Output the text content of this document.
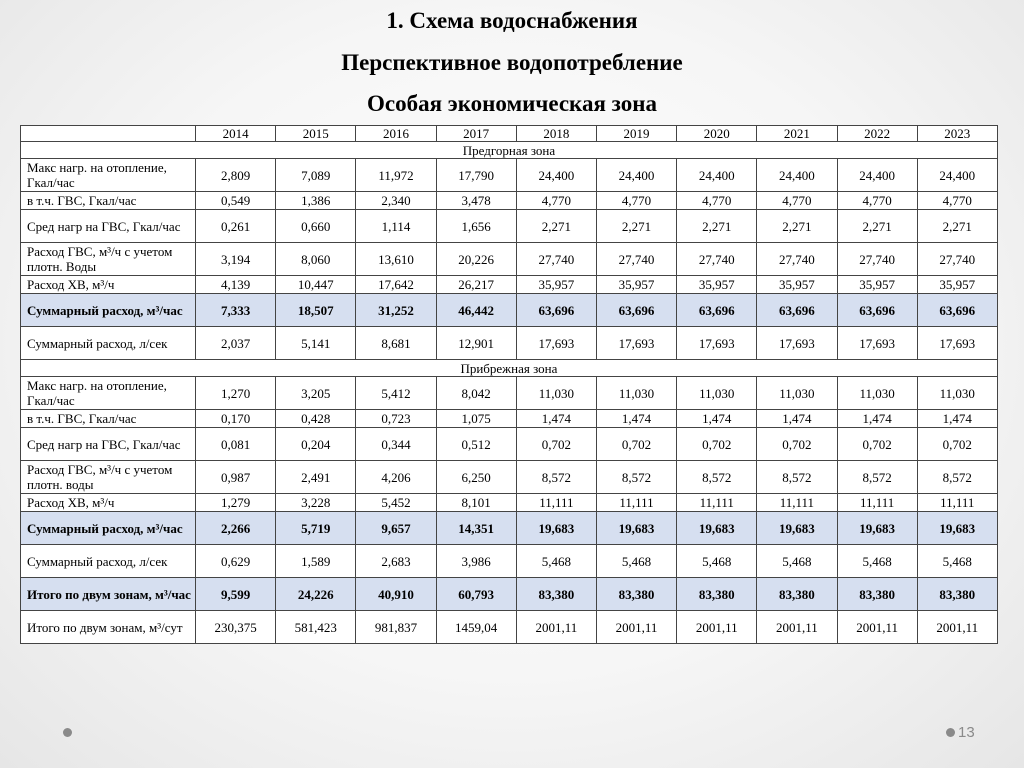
1. Схема водоснабжения
Перспективное водопотребление
Особая экономическая зона
	2014	2015	2016	2017	2018	2019	2020	2021	2022	2023
Предгорная зона										
Макс нагр. на отопление, Гкал/час	2,809	7,089	11,972	17,790	24,400	24,400	24,400	24,400	24,400	24,400
в т.ч. ГВС, Гкал/час	0,549	1,386	2,340	3,478	4,770	4,770	4,770	4,770	4,770	4,770
Сред нагр на ГВС, Гкал/час	0,261	0,660	1,114	1,656	2,271	2,271	2,271	2,271	2,271	2,271
Расход ГВС, м³/ч с учетом плотн. Воды	3,194	8,060	13,610	20,226	27,740	27,740	27,740	27,740	27,740	27,740
Расход ХВ, м³/ч	4,139	10,447	17,642	26,217	35,957	35,957	35,957	35,957	35,957	35,957
Суммарный расход, м³/час	7,333	18,507	31,252	46,442	63,696	63,696	63,696	63,696	63,696	63,696
Суммарный расход, л/сек	2,037	5,141	8,681	12,901	17,693	17,693	17,693	17,693	17,693	17,693
Прибрежная зона										
Макс нагр. на отопление, Гкал/час	1,270	3,205	5,412	8,042	11,030	11,030	11,030	11,030	11,030	11,030
в т.ч. ГВС, Гкал/час	0,170	0,428	0,723	1,075	1,474	1,474	1,474	1,474	1,474	1,474
Сред нагр на ГВС, Гкал/час	0,081	0,204	0,344	0,512	0,702	0,702	0,702	0,702	0,702	0,702
Расход ГВС, м³/ч с учетом плотн. воды	0,987	2,491	4,206	6,250	8,572	8,572	8,572	8,572	8,572	8,572
Расход ХВ, м³/ч	1,279	3,228	5,452	8,101	11,111	11,111	11,111	11,111	11,111	11,111
Суммарный расход, м³/час	2,266	5,719	9,657	14,351	19,683	19,683	19,683	19,683	19,683	19,683
Суммарный расход, л/сек	0,629	1,589	2,683	3,986	5,468	5,468	5,468	5,468	5,468	5,468
Итого по двум зонам, м³/час	9,599	24,226	40,910	60,793	83,380	83,380	83,380	83,380	83,380	83,380
Итого по двум зонам, м³/сут	230,375	581,423	981,837	1459,04	2001,11	2001,11	2001,11	2001,11	2001,11	2001,11
13
